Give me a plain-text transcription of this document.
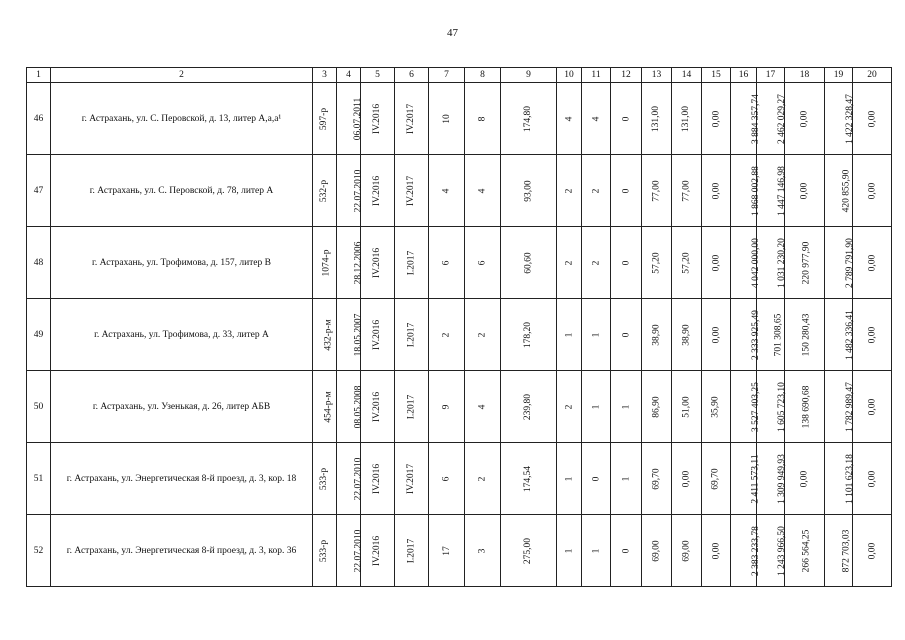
47
1	2	3	4	5	6	7	8	9	10	11	12	13	14	15	16	17	18	19	20
46	г. Астрахань, ул. С. Перовской, д. 13, литер А,а,а¹	597-р	06.07.2011	IV.2016	IV.2017	10	8	174,80	4	4	0	131,00	131,00	0,00	3 884 357,74	2 462 029,27	0,00	1 422 328,47	0,00
47	г. Астрахань, ул. С. Перовской, д. 78, литер А	532-р	22.07.2010	IV.2016	IV.2017	4	4	93,00	2	2	0	77,00	77,00	0,00	1 868 002,88	1 447 146,98	0,00	420 855,90	0,00
48	г. Астрахань, ул. Трофимова, д. 157, литер В	1074-р	28.12.2006	IV.2016	I.2017	6	6	60,60	2	2	0	57,20	57,20	0,00	4 042 000,00	1 031 230,20	220 977,90	2 789 791,90	0,00
49	г. Астрахань, ул. Трофимова, д. 33, литер А	432-р-м	18.05.2007	IV.2016	I.2017	2	2	178,20	1	1	0	38,90	38,90	0,00	2 333 925,49	701 308,65	150 280,43	1 482 336,41	0,00
50	г. Астрахань, ул. Узенькая, д. 26, литер АБВ	454-р-м	08.05.2008	IV.2016	I.2017	9	4	239,80	2	1	1	86,90	51,00	35,90	3 527 403,25	1 605 723,10	138 690,68	1 782 989,47	0,00
51	г. Астрахань, ул. Энергетическая 8-й проезд, д. 3, кор. 18	533-р	22.07.2010	IV.2016	IV.2017	6	2	174,54	1	0	1	69,70	0,00	69,70	2 411 573,11	1 309 949,93	0,00	1 101 623,18	0,00
52	г. Астрахань, ул. Энергетическая 8-й проезд, д. 3, кор. 36	533-р	22.07.2010	IV.2016	I.2017	17	3	275,00	1	1	0	69,00	69,00	0,00	2 383 233,78	1 243 966,50	266 564,25	872 703,03	0,00
